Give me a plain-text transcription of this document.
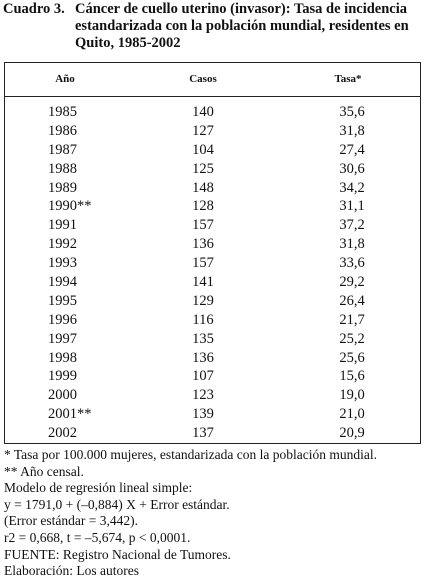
Cuadro 3. Cáncer de cuello uterino (invasor): Tasa de incidencia estandarizada con la población mundial, residentes en Quito, 1985-2002
Año	Casos	Tasa*
1985	140	35,6
1986	127	31,8
1987	104	27,4
1988	125	30,6
1989	148	34,2
1990**	128	31,1
1991	157	37,2
1992	136	31,8
1993	157	33,6
1994	141	29,2
1995	129	26,4
1996	116	21,7
1997	135	25,2
1998	136	25,6
1999	107	15,6
2000	123	19,0
2001**	139	21,0
2002	137	20,9
* Tasa por 100.000 mujeres, estandarizada con la población mundial.
** Año censal.
Modelo de regresión lineal simple:
y = 1791,0 + (–0,884) X + Error estándar.
(Error estándar = 3,442).
r2 = 0,668, t = –5,674, p < 0,0001.
FUENTE: Registro Nacional de Tumores.
Elaboración: Los autores
